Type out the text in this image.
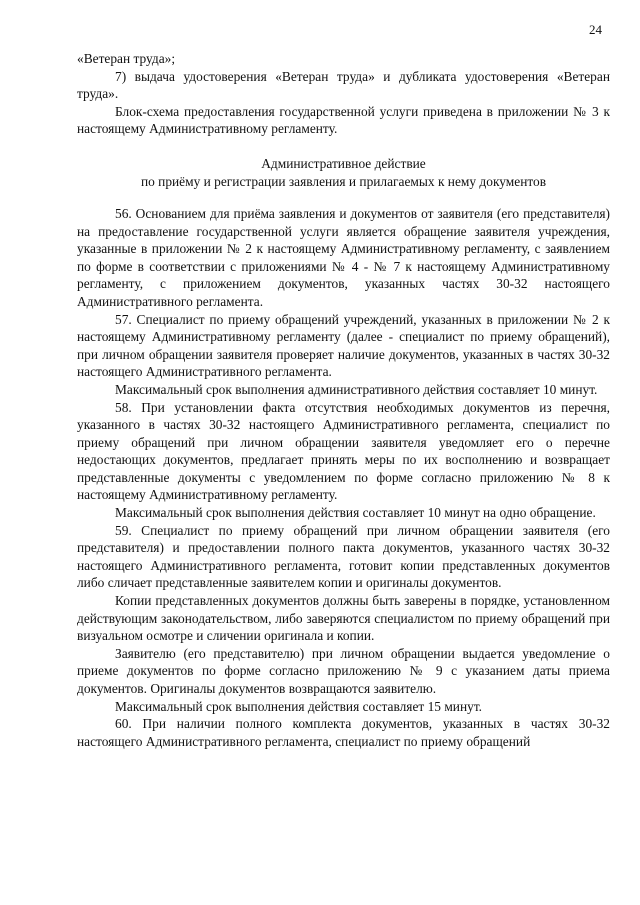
24

«Ветеран труда»;

7) выдача удостоверения «Ветеран труда» и дубликата удостоверения «Ветеран труда».

Блок-схема предоставления государственной услуги приведена в приложении № 3 к настоящему Административному регламенту.

Административное действие

по приёму и регистрации заявления и прилагаемых к нему документов

56. Основанием для приёма заявления и документов от заявителя (его представителя) на предоставление государственной услуги является обращение заявителя учреждения, указанные в приложении № 2 к настоящему Административному регламенту, с заявлением по форме в соответствии с приложениями № 4 - № 7 к настоящему Административному регламенту, с приложением документов, указанных частях 30-32 настоящего Административного регламента.

57. Специалист по приему обращений учреждений, указанных в приложении № 2 к настоящему Административному регламенту (далее - специалист по приему обращений), при личном обращении заявителя проверяет наличие документов, указанных в частях 30-32 настоящего Административного регламента.

Максимальный срок выполнения административного действия составляет 10 минут.

58. При установлении факта отсутствия необходимых документов из перечня, указанного в частях 30-32 настоящего Административного регламента, специалист по приему обращений при личном обращении заявителя уведомляет его о перечне недостающих документов, предлагает принять меры по их восполнению и возвращает представленные документы с уведомлением по форме согласно приложению № 8 к настоящему Административному регламенту.

Максимальный срок выполнения действия составляет 10 минут на одно обращение.

59. Специалист по приему обращений при личном обращении заявителя (его представителя) и предоставлении полного пакта документов, указанного частях 30-32 настоящего Административного регламента, готовит копии представленных документов либо сличает представленные заявителем копии и оригиналы документов.

Копии представленных документов должны быть заверены в порядке, установленном действующим законодательством, либо заверяются специалистом по приему обращений при визуальном осмотре и сличении оригинала и копии.

Заявителю (его представителю) при личном обращении выдается уведомление о приеме документов по форме согласно приложению № 9 с указанием даты приема документов. Оригиналы документов возвращаются заявителю.

Максимальный срок выполнения действия составляет 15 минут.

60. При наличии полного комплекта документов, указанных в частях 30-32 настоящего Административного регламента, специалист по приему обращений
